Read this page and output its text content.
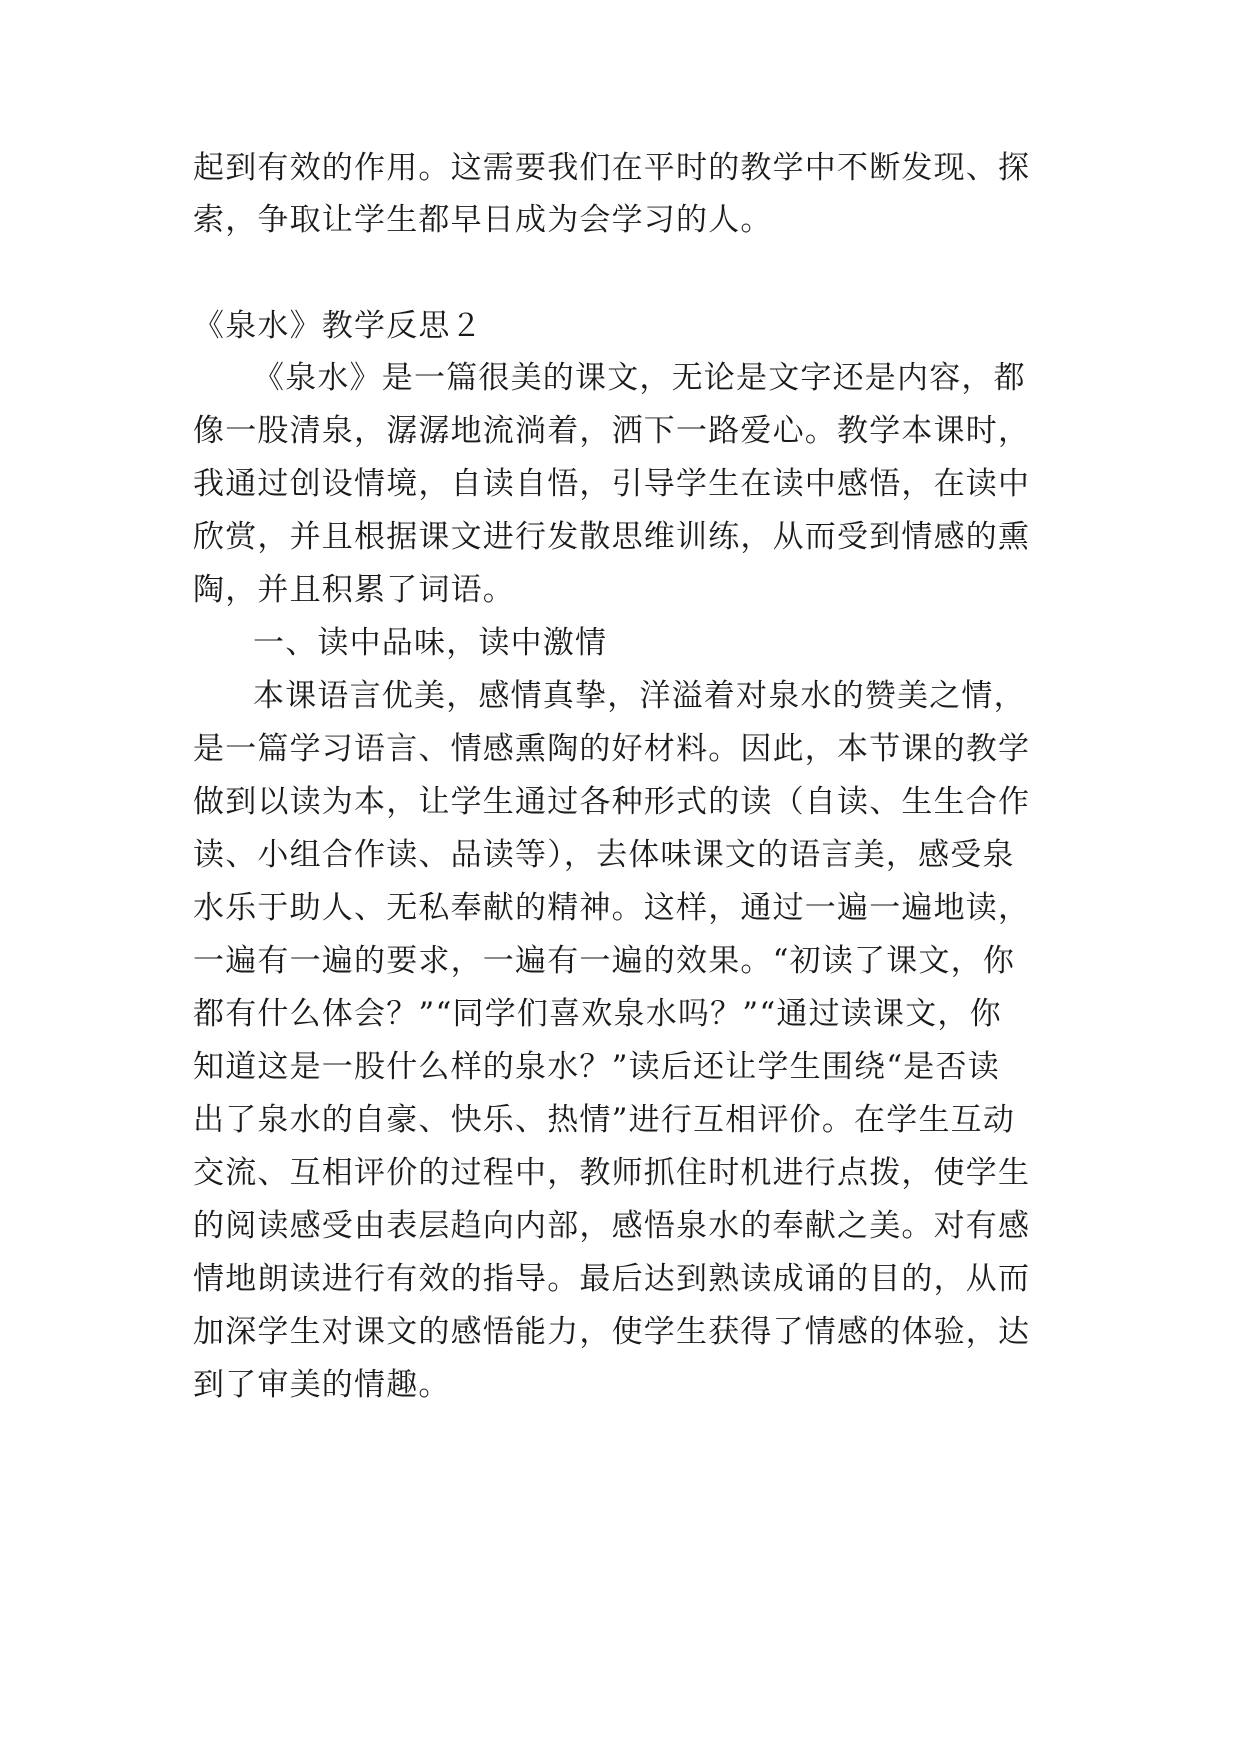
起到有效的作用。这需要我们在平时的教学中不断发现、探
索，争取让学生都早日成为会学习的人。
《泉水》教学反思２
《泉水》是一篇很美的课文，无论是文字还是内容，都
像一股清泉，潺潺地流淌着，洒下一路爱心。教学本课时，
我通过创设情境，自读自悟，引导学生在读中感悟，在读中
欣赏，并且根据课文进行发散思维训练，从而受到情感的熏
陶，并且积累了词语。
一、读中品味，读中激情
本课语言优美，感情真挚，洋溢着对泉水的赞美之情，
是一篇学习语言、情感熏陶的好材料。因此，本节课的教学
做到以读为本，让学生通过各种形式的读（自读、生生合作
读、小组合作读、品读等），去体味课文的语言美，感受泉
水乐于助人、无私奉献的精神。这样，通过一遍一遍地读，
一遍有一遍的要求，一遍有一遍的效果。“初读了课文，你
都有什么体会？”“同学们喜欢泉水吗？”“通过读课文，你
知道这是一股什么样的泉水？”读后还让学生围绕“是否读
出了泉水的自豪、快乐、热情”进行互相评价。在学生互动
交流、互相评价的过程中，教师抓住时机进行点拨，使学生
的阅读感受由表层趋向内部，感悟泉水的奉献之美。对有感
情地朗读进行有效的指导。最后达到熟读成诵的目的，从而
加深学生对课文的感悟能力，使学生获得了情感的体验，达
到了审美的情趣。
